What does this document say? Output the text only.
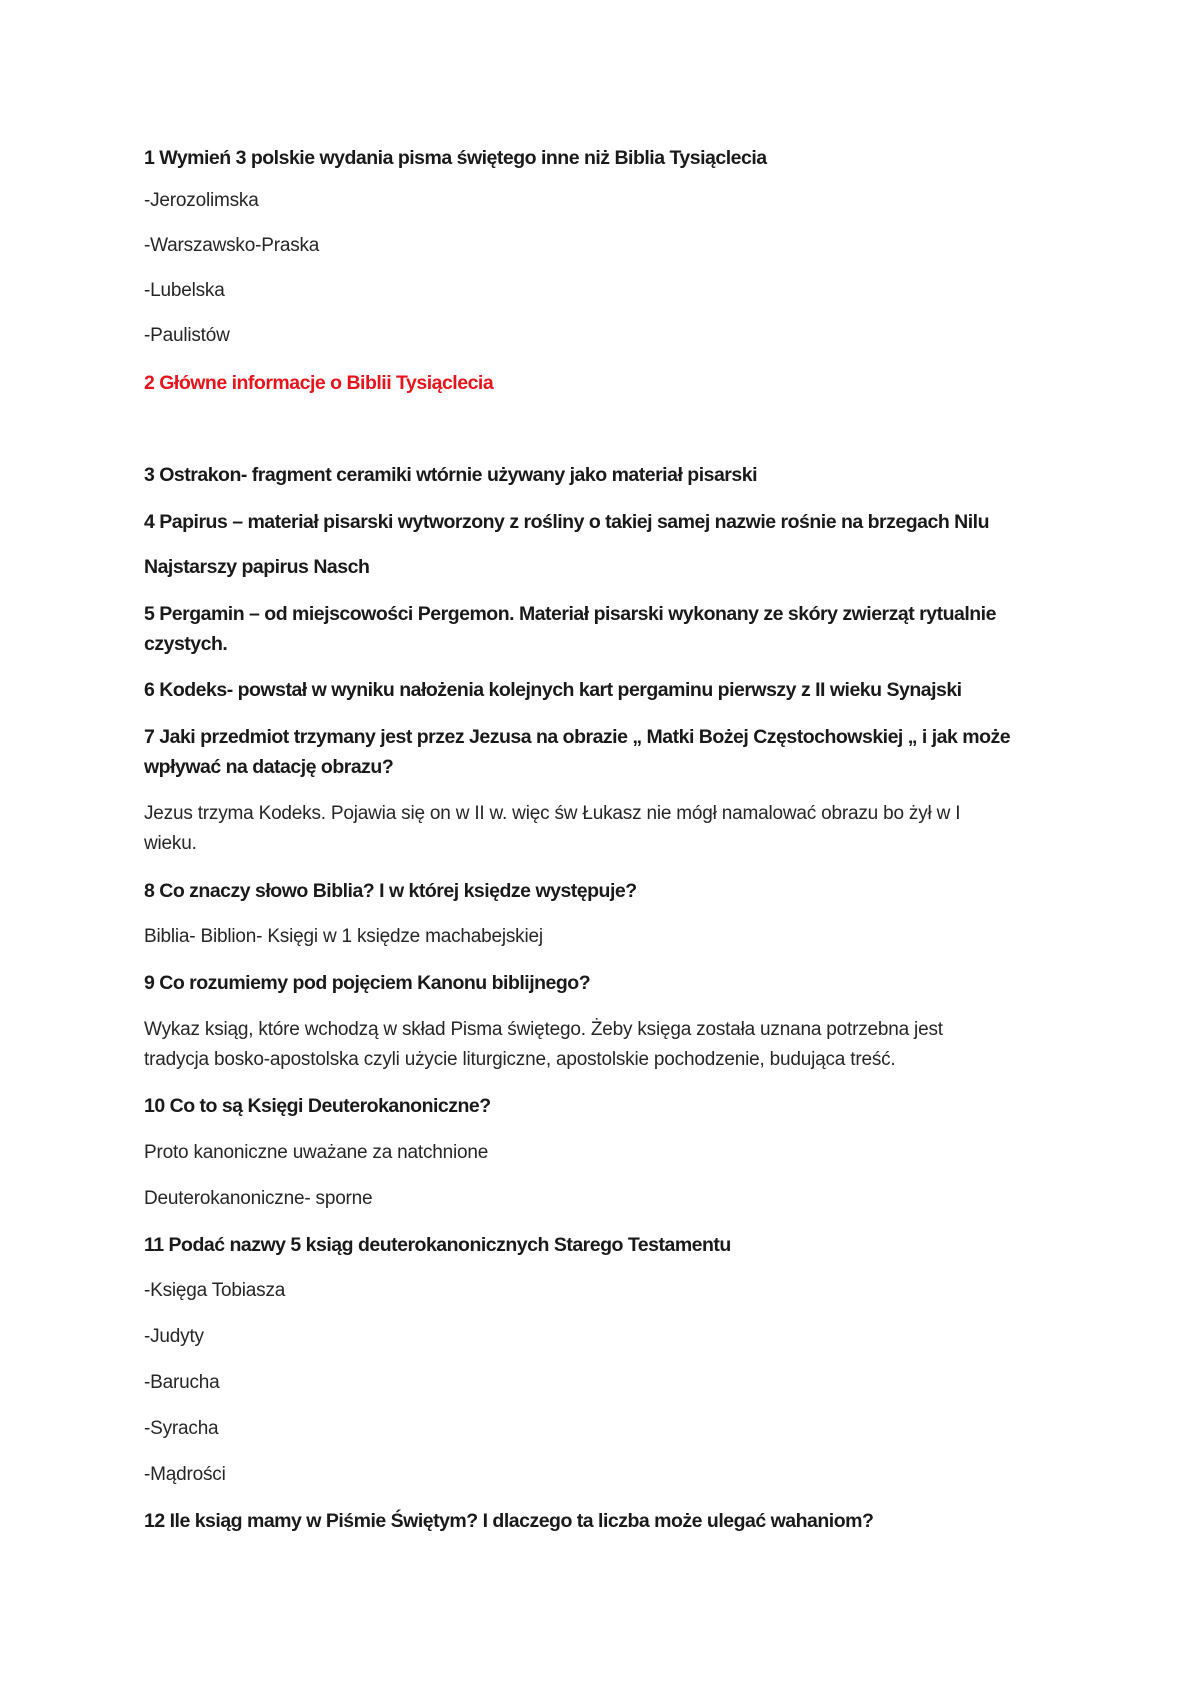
1 Wymień 3 polskie wydania pisma świętego inne niż Biblia Tysiąclecia
-Jerozolimska
-Warszawsko-Praska
-Lubelska
-Paulistów
2 Główne informacje o Biblii Tysiąclecia
3 Ostrakon- fragment ceramiki wtórnie używany jako materiał pisarski
4 Papirus – materiał pisarski wytworzony z rośliny o takiej samej nazwie rośnie na brzegach Nilu
Najstarszy papirus Nasch
5 Pergamin – od miejscowości Pergemon. Materiał pisarski wykonany ze skóry zwierząt rytualnie
czystych.
6 Kodeks- powstał w wyniku nałożenia kolejnych kart pergaminu pierwszy z II wieku Synajski
7 Jaki przedmiot trzymany jest przez Jezusa na obrazie „ Matki Bożej Częstochowskiej „ i jak może
wpływać na datację obrazu?
Jezus trzyma Kodeks. Pojawia się on w II w. więc św Łukasz nie mógł namalować obrazu bo żył w I
wieku.
8 Co znaczy słowo Biblia? I w której księdze występuje?
Biblia- Biblion- Księgi w 1 księdze machabejskiej
9 Co rozumiemy pod pojęciem Kanonu biblijnego?
Wykaz ksiąg, które wchodzą w skład Pisma świętego. Żeby księga została uznana potrzebna jest
tradycja bosko-apostolska czyli użycie liturgiczne, apostolskie pochodzenie, budująca treść.
10 Co to są Księgi Deuterokanoniczne?
Proto kanoniczne uważane za natchnione
Deuterokanoniczne- sporne
11 Podać nazwy 5 ksiąg deuterokanonicznych Starego Testamentu
-Księga Tobiasza
-Judyty
-Barucha
-Syracha
-Mądrości
12 Ile ksiąg mamy w Piśmie Świętym? I dlaczego ta liczba może ulegać wahaniom?
